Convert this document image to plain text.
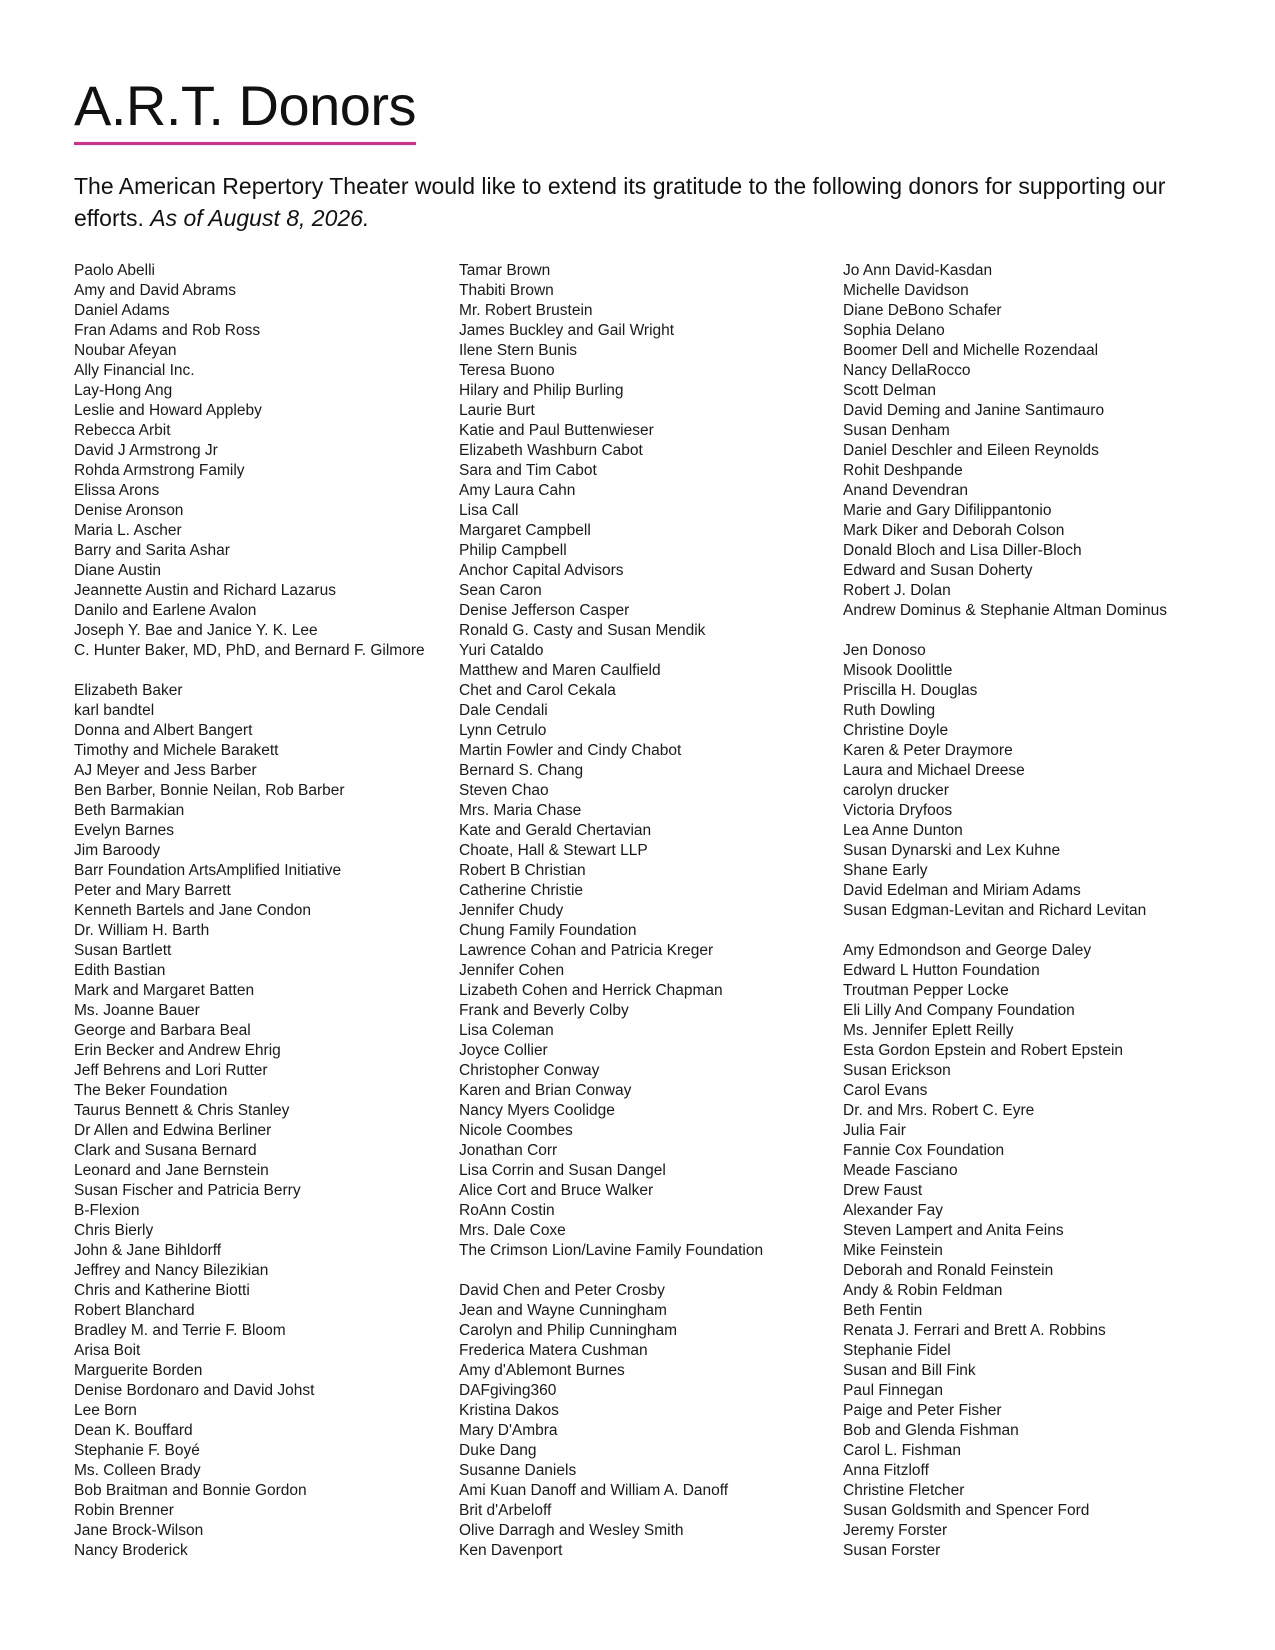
A.R.T. Donors

The American Repertory Theater would like to extend its gratitude to the following donors for supporting our efforts. As of August 8, 2026.

Paolo Abelli
Amy and David Abrams
Daniel Adams
Fran Adams and Rob Ross
Noubar Afeyan
Ally Financial Inc.
Lay-Hong Ang
Leslie and Howard Appleby
Rebecca Arbit
David J Armstrong Jr
Rohda Armstrong Family
Elissa Arons
Denise Aronson
Maria L. Ascher
Barry and Sarita Ashar
Diane Austin
Jeannette Austin and Richard Lazarus
Danilo and Earlene Avalon
Joseph Y. Bae and Janice Y. K. Lee
C. Hunter Baker, MD, PhD, and Bernard F. Gilmore
Elizabeth Baker
karl bandtel
Donna and Albert Bangert
Timothy and Michele Barakett
AJ Meyer and Jess Barber
Ben Barber, Bonnie Neilan, Rob Barber
Beth Barmakian
Evelyn Barnes
Jim Baroody
Barr Foundation ArtsAmplified Initiative
Peter and Mary Barrett
Kenneth Bartels and Jane Condon
Dr. William H. Barth
Susan Bartlett
Edith Bastian
Mark and Margaret Batten
Ms. Joanne Bauer
George and Barbara Beal
Erin Becker and Andrew Ehrig
Jeff Behrens and Lori Rutter
The Beker Foundation
Taurus Bennett & Chris Stanley
Dr Allen and Edwina Berliner
Clark and Susana Bernard
Leonard and Jane Bernstein
Susan Fischer and Patricia Berry
B-Flexion
Chris Bierly
John & Jane Bihldorff
Jeffrey and Nancy Bilezikian
Chris and Katherine Biotti
Robert Blanchard
Bradley M. and Terrie F. Bloom
Arisa Boit
Marguerite Borden
Denise Bordonaro and David Johst
Lee Born
Dean K. Bouffard
Stephanie F. Boyé
Ms. Colleen Brady
Bob Braitman and Bonnie Gordon
Robin Brenner
Jane Brock-Wilson
Nancy Broderick
Tamar Brown
Thabiti Brown
Mr. Robert Brustein
James Buckley and Gail Wright
Ilene Stern Bunis
Teresa Buono
Hilary and Philip Burling
Laurie Burt
Katie and Paul Buttenwieser
Elizabeth Washburn Cabot
Sara and Tim Cabot
Amy Laura Cahn
Lisa Call
Margaret Campbell
Philip Campbell
Anchor Capital Advisors
Sean Caron
Denise Jefferson Casper
Ronald G. Casty and Susan Mendik
Yuri Cataldo
Matthew and Maren Caulfield
Chet and Carol Cekala
Dale Cendali
Lynn Cetrulo
Martin Fowler and Cindy Chabot
Bernard S. Chang
Steven Chao
Mrs. Maria Chase
Kate and Gerald Chertavian
Choate, Hall & Stewart LLP
Robert B Christian
Catherine Christie
Jennifer Chudy
Chung Family Foundation
Lawrence Cohan and Patricia Kreger
Jennifer Cohen
Lizabeth Cohen and Herrick Chapman
Frank and Beverly Colby
Lisa Coleman
Joyce Collier
Christopher Conway
Karen and Brian Conway
Nancy Myers Coolidge
Nicole Coombes
Jonathan Corr
Lisa Corrin and Susan Dangel
Alice Cort and Bruce Walker
RoAnn Costin
Mrs. Dale Coxe
The Crimson Lion/Lavine Family Foundation
David Chen and Peter Crosby
Jean and Wayne Cunningham
Carolyn and Philip Cunningham
Frederica Matera Cushman
Amy d'Ablemont Burnes
DAFgiving360
Kristina Dakos
Mary D'Ambra
Duke Dang
Susanne Daniels
Ami Kuan Danoff and William A. Danoff
Brit d'Arbeloff
Olive Darragh and Wesley Smith
Ken Davenport
Jo Ann David-Kasdan
Michelle Davidson
Diane DeBono Schafer
Sophia Delano
Boomer Dell and Michelle Rozendaal
Nancy DellaRocco
Scott Delman
David Deming and Janine Santimauro
Susan Denham
Daniel Deschler and Eileen Reynolds
Rohit Deshpande
Anand Devendran
Marie and Gary Difilippantonio
Mark Diker and Deborah Colson
Donald Bloch and Lisa Diller-Bloch
Edward and Susan Doherty
Robert J. Dolan
Andrew Dominus & Stephanie Altman Dominus
Jen Donoso
Misook Doolittle
Priscilla H. Douglas
Ruth Dowling
Christine Doyle
Karen & Peter Draymore
Laura and Michael Dreese
carolyn drucker
Victoria Dryfoos
Lea Anne Dunton
Susan Dynarski and Lex Kuhne
Shane Early
David Edelman and Miriam Adams
Susan Edgman-Levitan and Richard Levitan
Amy Edmondson and George Daley
Edward L Hutton Foundation
Troutman Pepper Locke
Eli Lilly And Company Foundation
Ms. Jennifer Eplett Reilly
Esta Gordon Epstein and Robert Epstein
Susan Erickson
Carol Evans
Dr. and Mrs. Robert C. Eyre
Julia Fair
Fannie Cox Foundation
Meade Fasciano
Drew Faust
Alexander Fay
Steven Lampert and Anita Feins
Mike Feinstein
Deborah and Ronald Feinstein
Andy & Robin Feldman
Beth Fentin
Renata J. Ferrari and Brett A. Robbins
Stephanie Fidel
Susan and Bill Fink
Paul Finnegan
Paige and Peter Fisher
Bob and Glenda Fishman
Carol L. Fishman
Anna Fitzloff
Christine Fletcher
Susan Goldsmith and Spencer Ford
Jeremy Forster
Susan Forster
